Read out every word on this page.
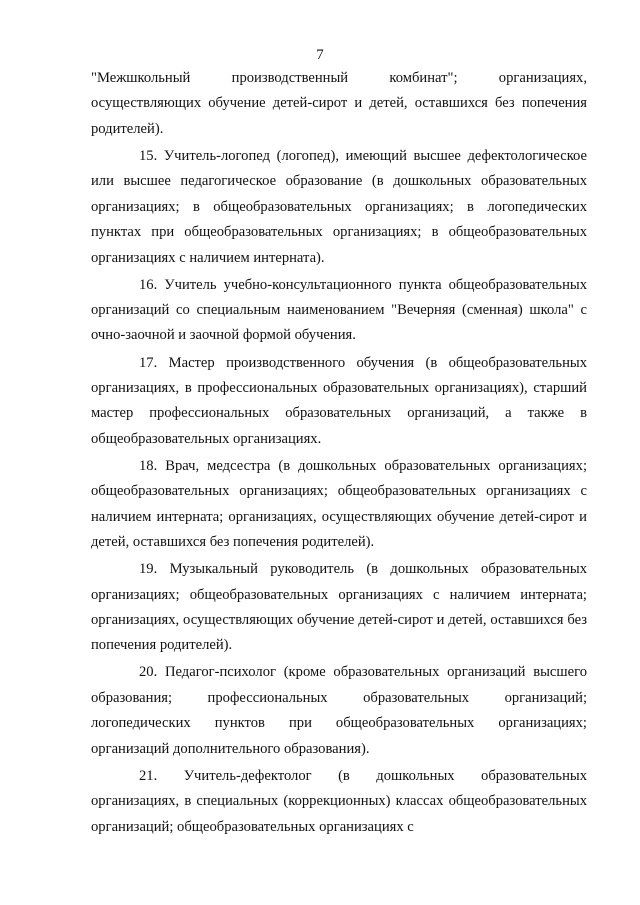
7

"Межшкольный производственный комбинат"; организациях, осуществляющих обучение детей-сирот и детей, оставшихся без попечения родителей).

15. Учитель-логопед (логопед), имеющий высшее дефектологическое или высшее педагогическое образование (в дошкольных образовательных организациях; в общеобразовательных организациях; в логопедических пунктах при общеобразовательных организациях; в общеобразовательных организациях с наличием интерната).

16. Учитель учебно-консультационного пункта общеобразовательных организаций со специальным наименованием "Вечерняя (сменная) школа" с очно-заочной и заочной формой обучения.

17. Мастер производственного обучения (в общеобразовательных организациях, в профессиональных образовательных организациях), старший мастер профессиональных образовательных организаций, а также в общеобразовательных организациях.

18. Врач, медсестра (в дошкольных образовательных организациях; общеобразовательных организациях; общеобразовательных организациях с наличием интерната; организациях, осуществляющих обучение детей-сирот и детей, оставшихся без попечения родителей).

19. Музыкальный руководитель (в дошкольных образовательных организациях; общеобразовательных организациях с наличием интерната; организациях, осуществляющих обучение детей-сирот и детей, оставшихся без попечения родителей).

20. Педагог-психолог (кроме образовательных организаций высшего образования; профессиональных образовательных организаций; логопедических пунктов при общеобразовательных организациях; организаций дополнительного образования).

21. Учитель-дефектолог (в дошкольных образовательных организациях, в специальных (коррекционных) классах общеобразовательных организаций; общеобразовательных организациях с
